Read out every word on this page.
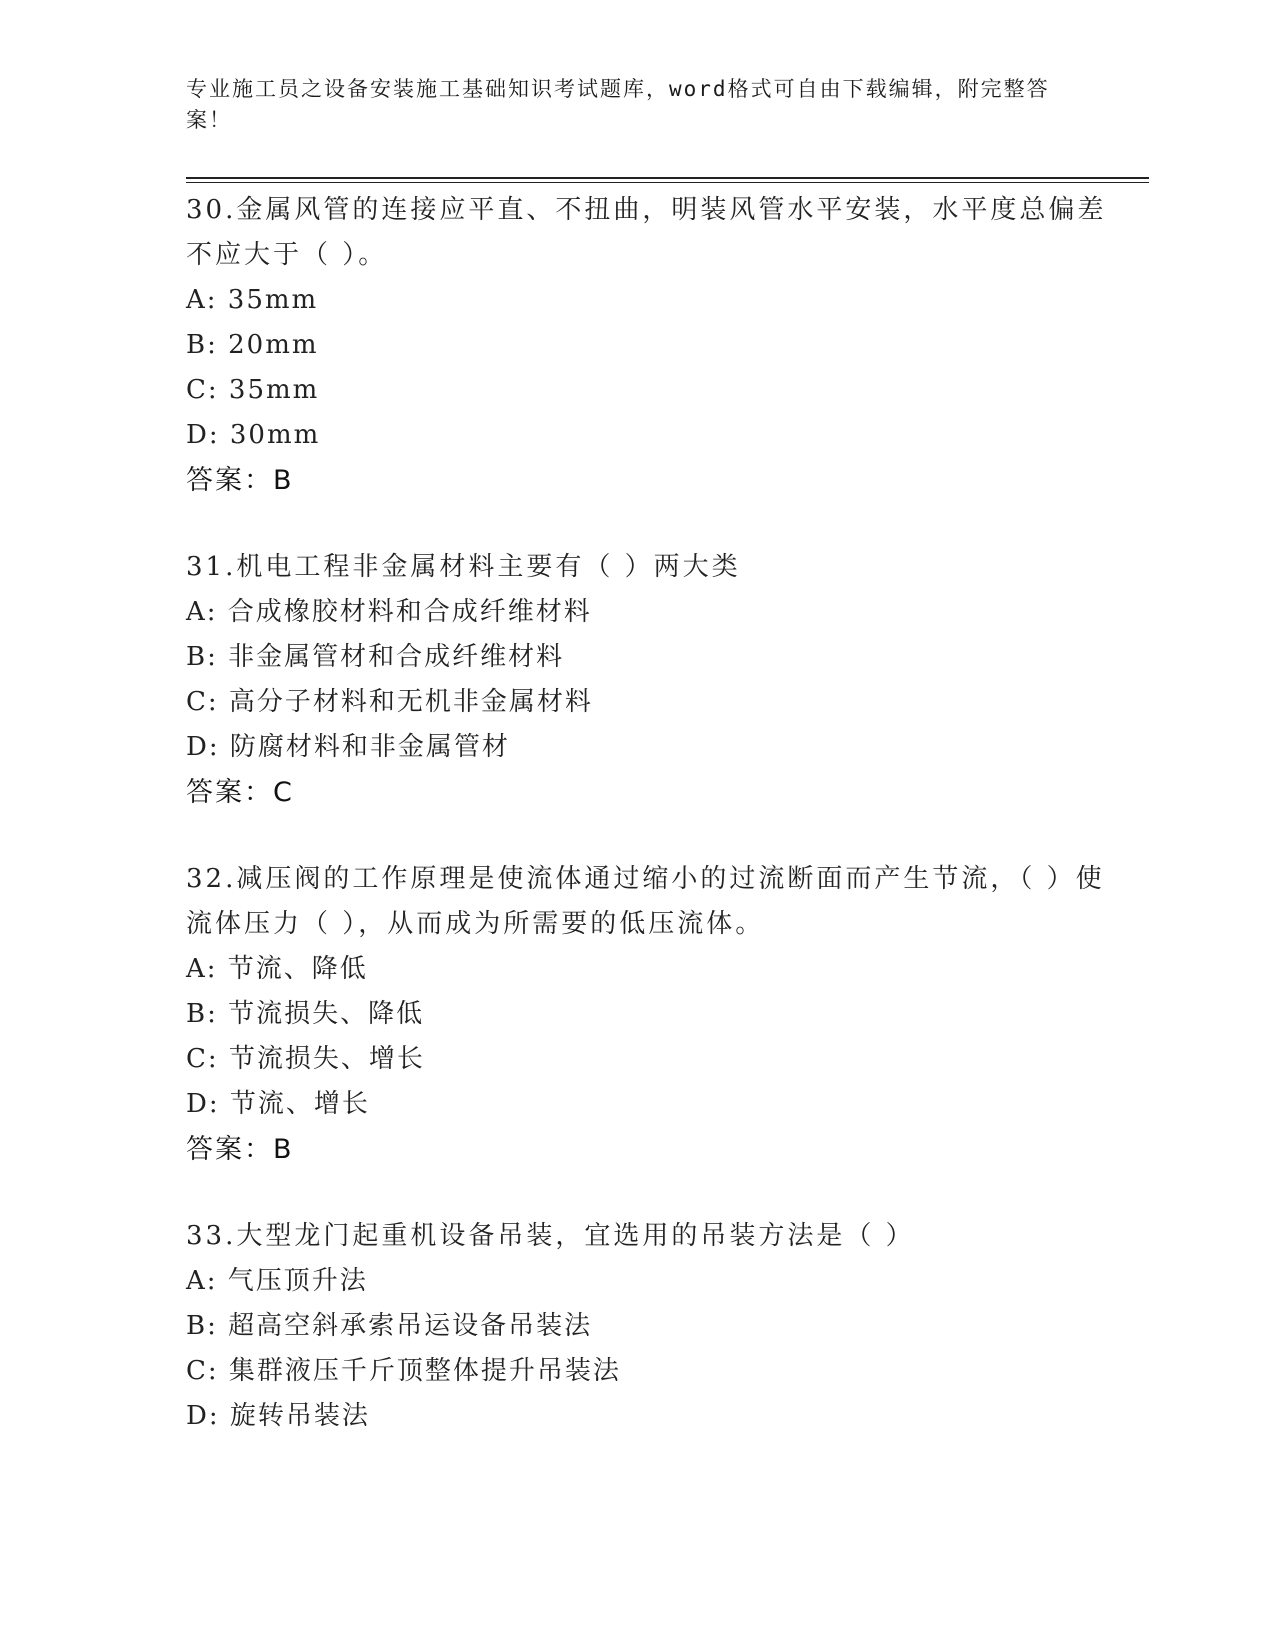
专业施工员之设备安装施工基础知识考试题库，word格式可自由下载编辑，附完整答案！

30.金属风管的连接应平直、不扭曲，明装风管水平安装，水平度总偏差不应大于（ ）。

A: 35mm

B: 20mm

C: 35mm

D: 30mm

答案：B

31.机电工程非金属材料主要有（ ）两大类

A: 合成橡胶材料和合成纤维材料

B: 非金属管材和合成纤维材料

C: 高分子材料和无机非金属材料

D: 防腐材料和非金属管材

答案：C

32.减压阀的工作原理是使流体通过缩小的过流断面而产生节流，（ ）使流体压力（ ），从而成为所需要的低压流体。

A: 节流、降低

B: 节流损失、降低

C: 节流损失、增长

D: 节流、增长

答案：B

33.大型龙门起重机设备吊装，宜选用的吊装方法是（ ）

A: 气压顶升法

B: 超高空斜承索吊运设备吊装法

C: 集群液压千斤顶整体提升吊装法

D: 旋转吊装法
